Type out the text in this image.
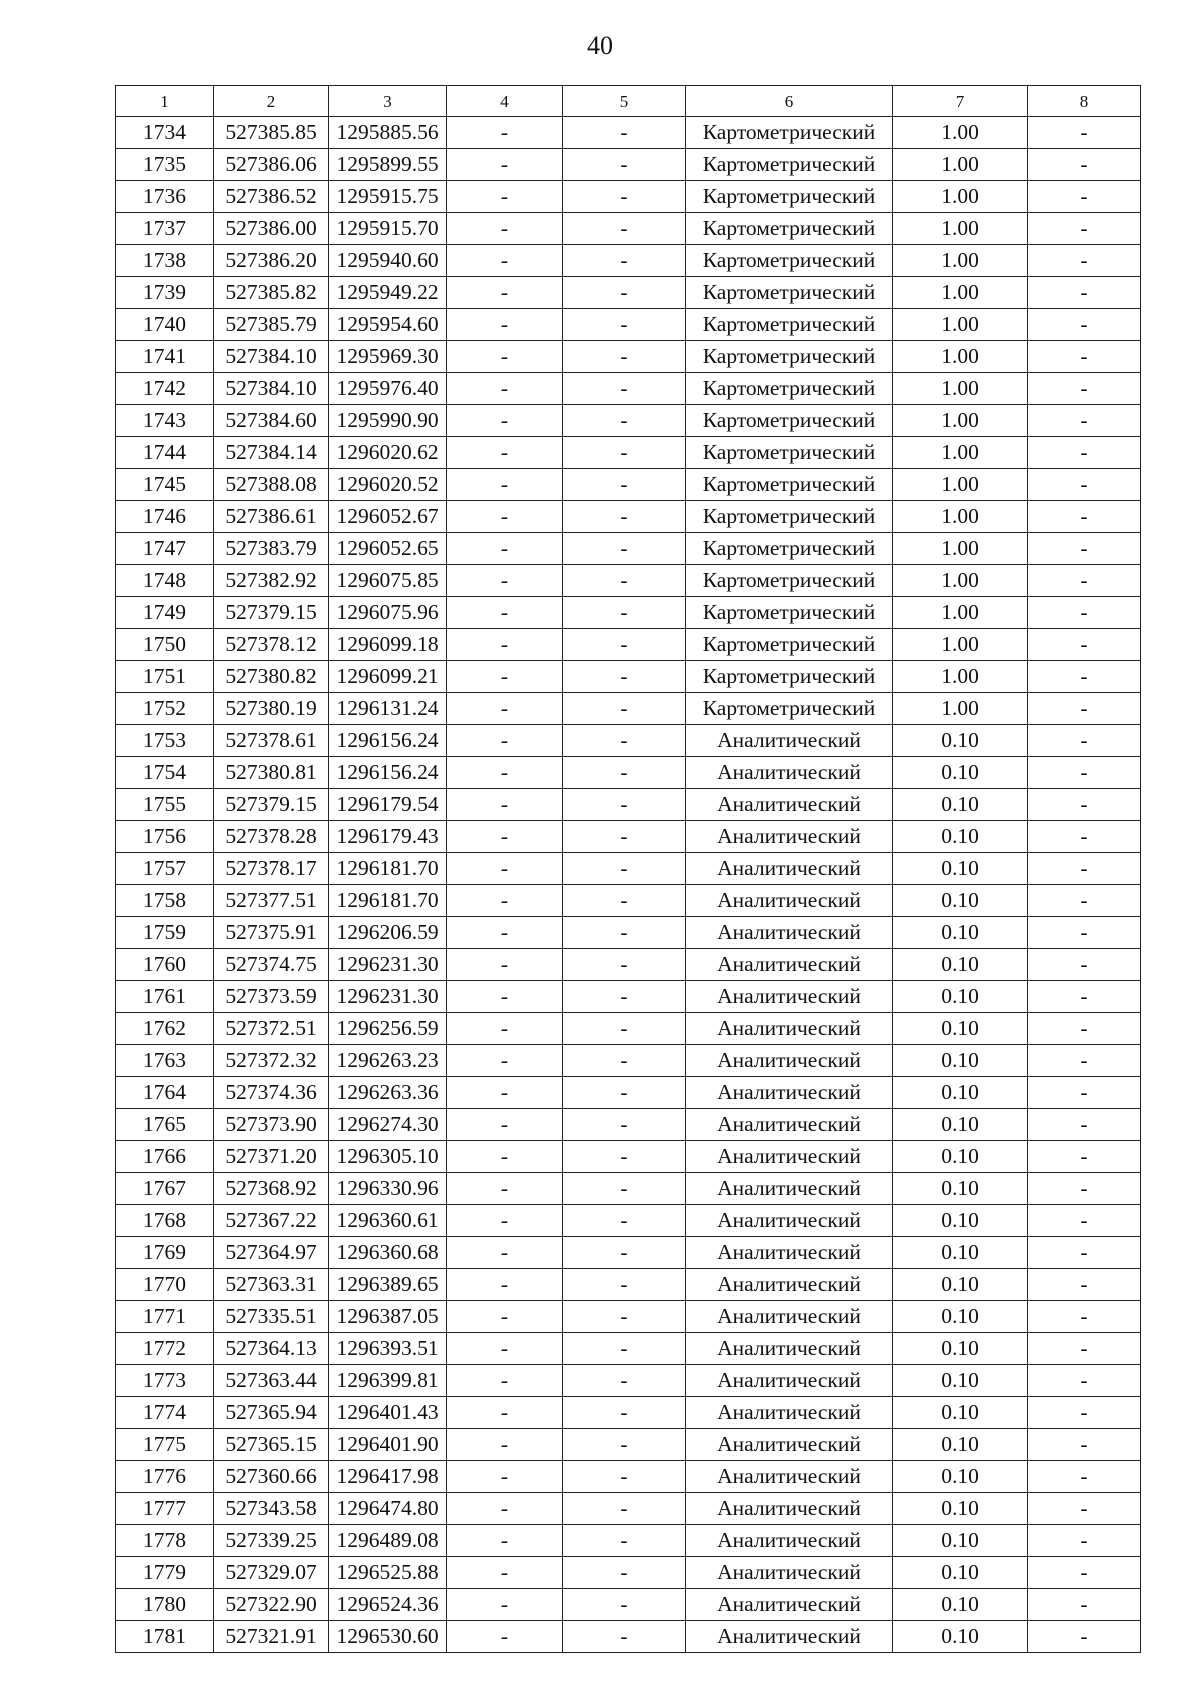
40
1	2	3	4	5	6	7	8
1734	527385.85	1295885.56	-	-	Картометрический	1.00	-
1735	527386.06	1295899.55	-	-	Картометрический	1.00	-
1736	527386.52	1295915.75	-	-	Картометрический	1.00	-
1737	527386.00	1295915.70	-	-	Картометрический	1.00	-
1738	527386.20	1295940.60	-	-	Картометрический	1.00	-
1739	527385.82	1295949.22	-	-	Картометрический	1.00	-
1740	527385.79	1295954.60	-	-	Картометрический	1.00	-
1741	527384.10	1295969.30	-	-	Картометрический	1.00	-
1742	527384.10	1295976.40	-	-	Картометрический	1.00	-
1743	527384.60	1295990.90	-	-	Картометрический	1.00	-
1744	527384.14	1296020.62	-	-	Картометрический	1.00	-
1745	527388.08	1296020.52	-	-	Картометрический	1.00	-
1746	527386.61	1296052.67	-	-	Картометрический	1.00	-
1747	527383.79	1296052.65	-	-	Картометрический	1.00	-
1748	527382.92	1296075.85	-	-	Картометрический	1.00	-
1749	527379.15	1296075.96	-	-	Картометрический	1.00	-
1750	527378.12	1296099.18	-	-	Картометрический	1.00	-
1751	527380.82	1296099.21	-	-	Картометрический	1.00	-
1752	527380.19	1296131.24	-	-	Картометрический	1.00	-
1753	527378.61	1296156.24	-	-	Аналитический	0.10	-
1754	527380.81	1296156.24	-	-	Аналитический	0.10	-
1755	527379.15	1296179.54	-	-	Аналитический	0.10	-
1756	527378.28	1296179.43	-	-	Аналитический	0.10	-
1757	527378.17	1296181.70	-	-	Аналитический	0.10	-
1758	527377.51	1296181.70	-	-	Аналитический	0.10	-
1759	527375.91	1296206.59	-	-	Аналитический	0.10	-
1760	527374.75	1296231.30	-	-	Аналитический	0.10	-
1761	527373.59	1296231.30	-	-	Аналитический	0.10	-
1762	527372.51	1296256.59	-	-	Аналитический	0.10	-
1763	527372.32	1296263.23	-	-	Аналитический	0.10	-
1764	527374.36	1296263.36	-	-	Аналитический	0.10	-
1765	527373.90	1296274.30	-	-	Аналитический	0.10	-
1766	527371.20	1296305.10	-	-	Аналитический	0.10	-
1767	527368.92	1296330.96	-	-	Аналитический	0.10	-
1768	527367.22	1296360.61	-	-	Аналитический	0.10	-
1769	527364.97	1296360.68	-	-	Аналитический	0.10	-
1770	527363.31	1296389.65	-	-	Аналитический	0.10	-
1771	527335.51	1296387.05	-	-	Аналитический	0.10	-
1772	527364.13	1296393.51	-	-	Аналитический	0.10	-
1773	527363.44	1296399.81	-	-	Аналитический	0.10	-
1774	527365.94	1296401.43	-	-	Аналитический	0.10	-
1775	527365.15	1296401.90	-	-	Аналитический	0.10	-
1776	527360.66	1296417.98	-	-	Аналитический	0.10	-
1777	527343.58	1296474.80	-	-	Аналитический	0.10	-
1778	527339.25	1296489.08	-	-	Аналитический	0.10	-
1779	527329.07	1296525.88	-	-	Аналитический	0.10	-
1780	527322.90	1296524.36	-	-	Аналитический	0.10	-
1781	527321.91	1296530.60	-	-	Аналитический	0.10	-
